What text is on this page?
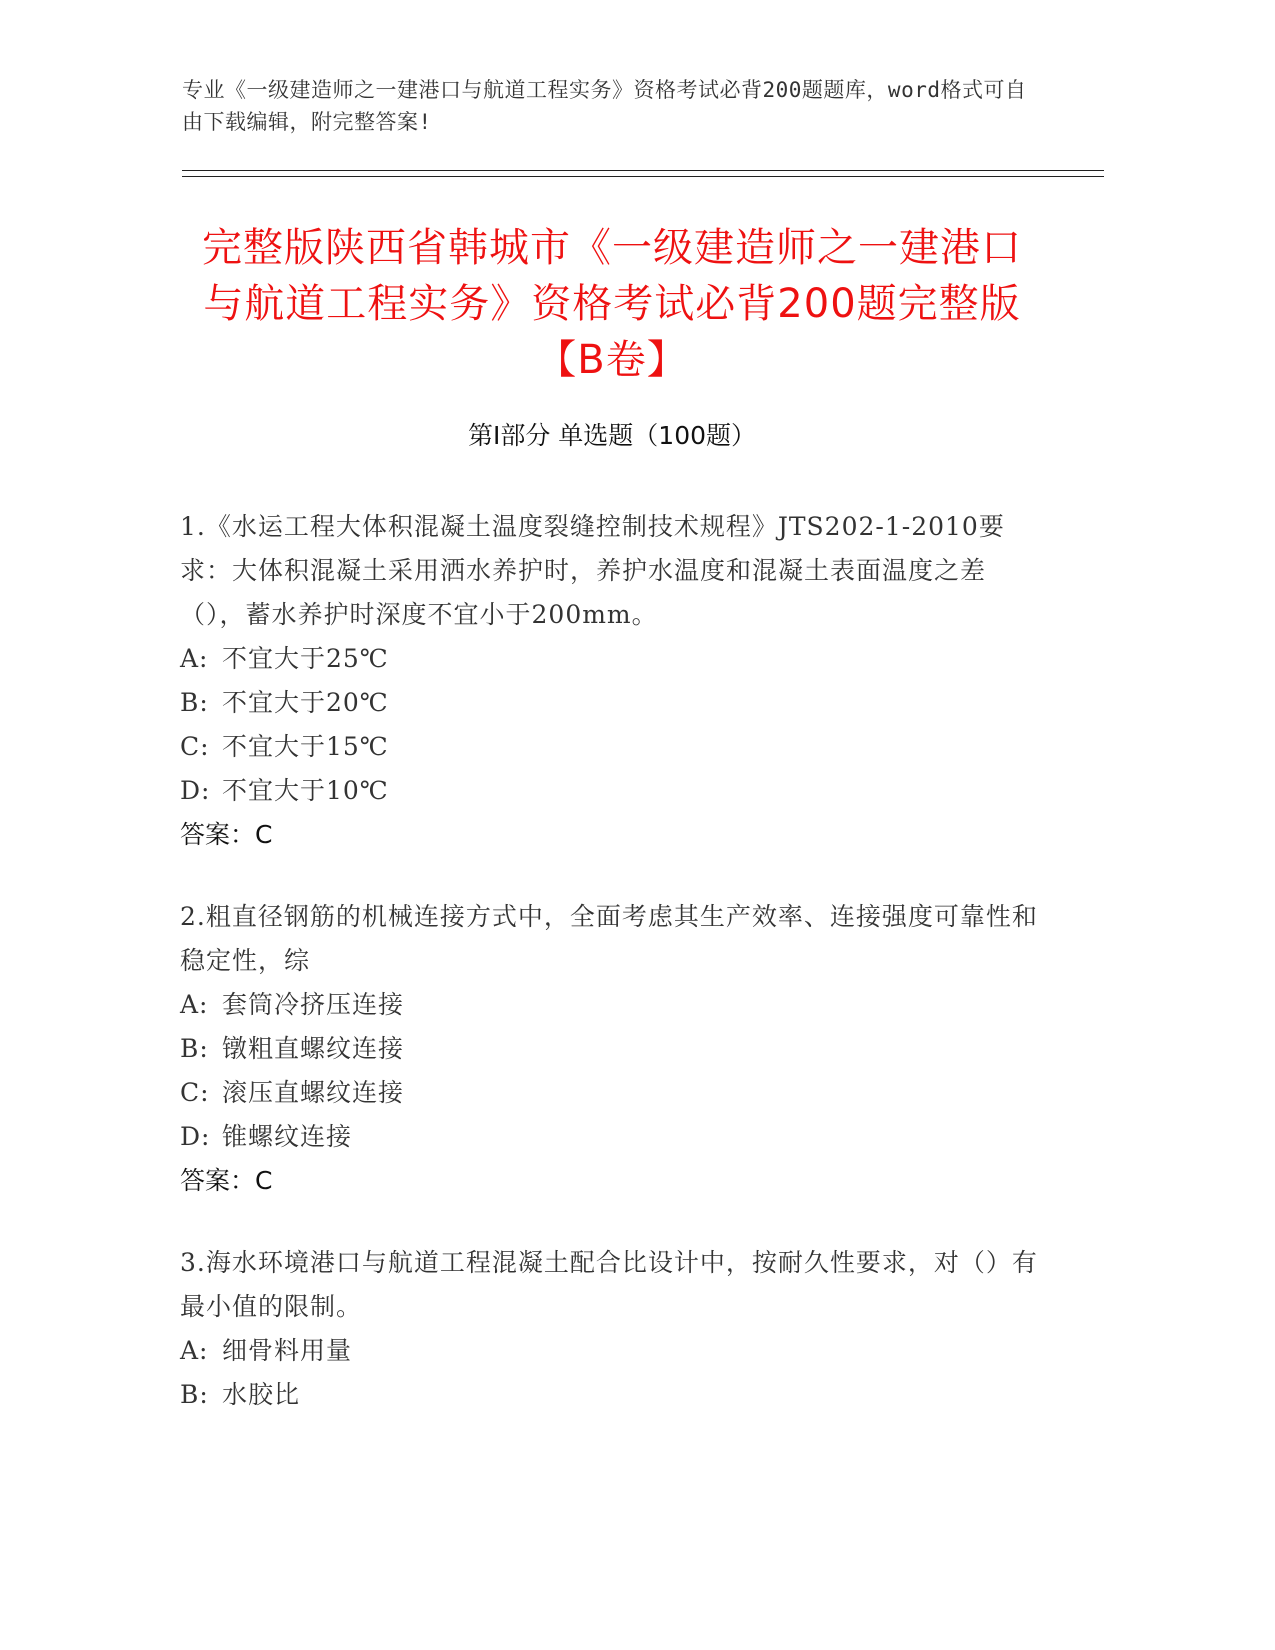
专业《一级建造师之一建港口与航道工程实务》资格考试必背200题题库，word格式可自由下载编辑，附完整答案!
完整版陕西省韩城市《一级建造师之一建港口与航道工程实务》资格考试必背200题完整版【B卷】
第Ⅰ部分 单选题（100题）

1.《水运工程大体积混凝土温度裂缝控制技术规程》JTS202-1-2010要求：大体积混凝土采用洒水养护时，养护水温度和混凝土表面温度之差（），蓄水养护时深度不宜小于200mm。

A: 不宜大于25℃

B: 不宜大于20℃

C: 不宜大于15℃

D: 不宜大于10℃

答案：C

2.粗直径钢筋的机械连接方式中，全面考虑其生产效率、连接强度可靠性和稳定性，综

A: 套筒冷挤压连接

B: 镦粗直螺纹连接

C: 滚压直螺纹连接

D: 锥螺纹连接

答案：C

3.海水环境港口与航道工程混凝土配合比设计中，按耐久性要求，对（）有最小值的限制。

A: 细骨料用量

B: 水胶比
